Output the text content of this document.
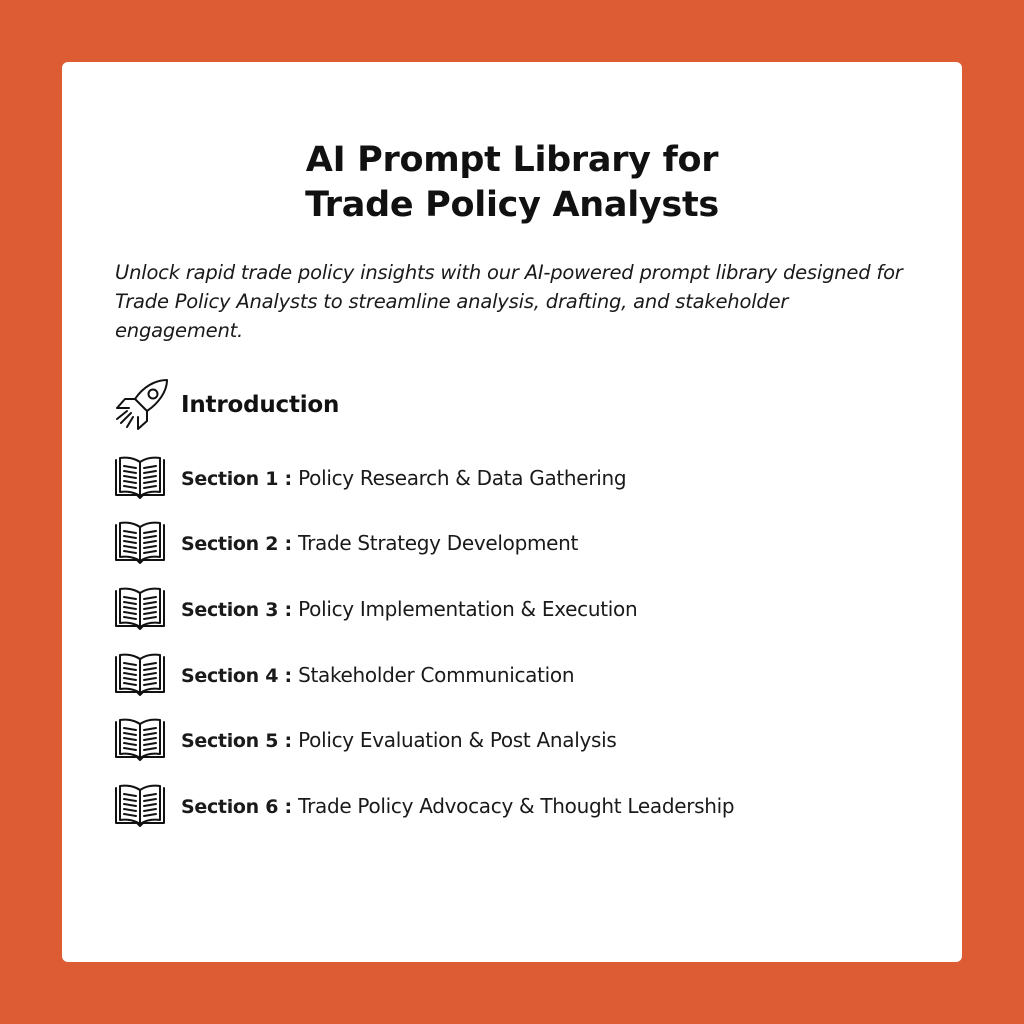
AI Prompt Library for
Trade Policy Analysts
Unlock rapid trade policy insights with our AI-powered prompt library designed for Trade Policy Analysts to streamline analysis, drafting, and stakeholder engagement.
Introduction
Section 1 : Policy Research & Data Gathering
Section 2 : Trade Strategy Development
Section 3 : Policy Implementation & Execution
Section 4 : Stakeholder Communication
Section 5 : Policy Evaluation & Post Analysis
Section 6 : Trade Policy Advocacy & Thought Leadership
